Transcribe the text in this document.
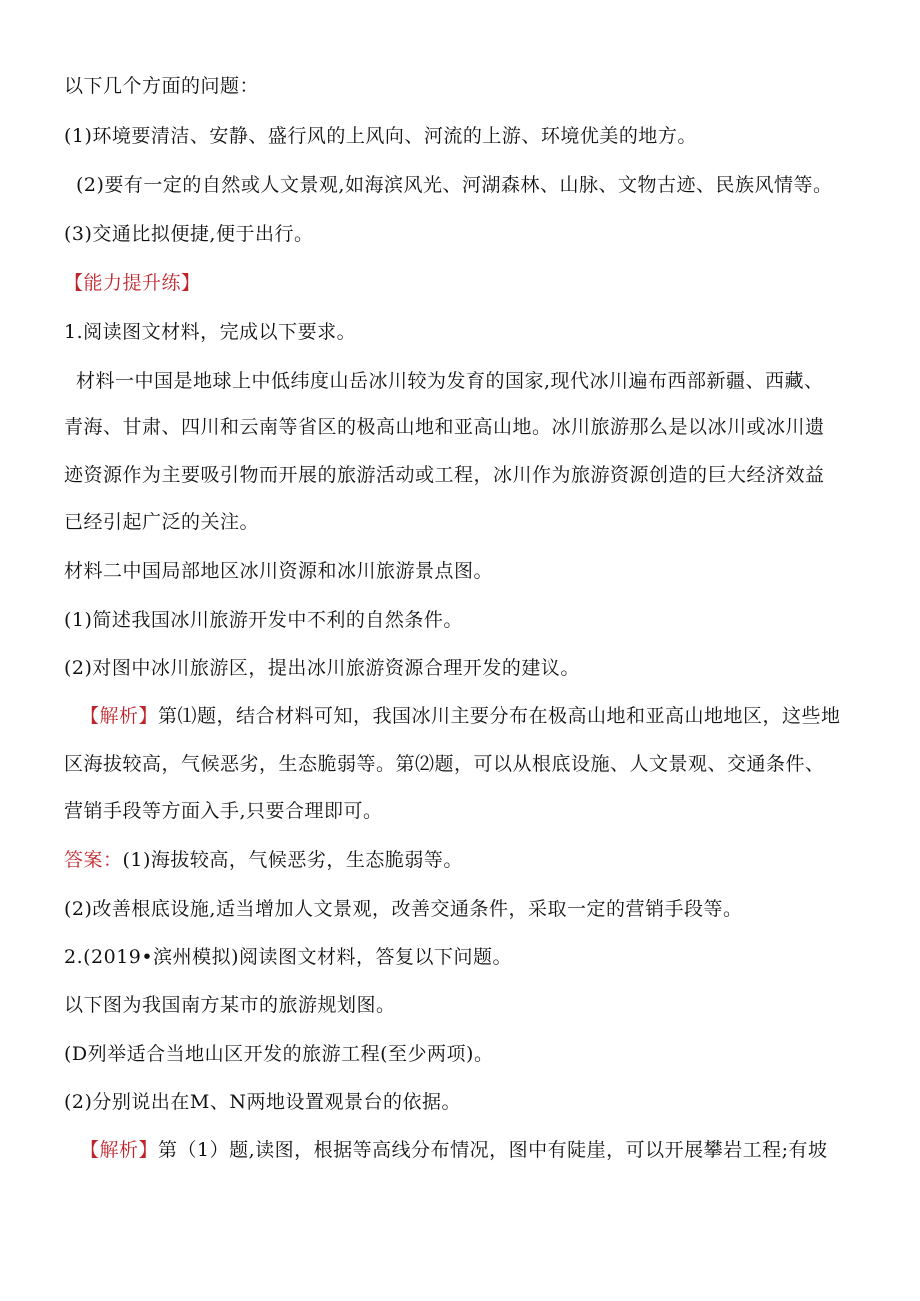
以下几个方面的问题：
(1)环境要清洁、安静、盛行风的上风向、河流的上游、环境优美的地方。
(2)要有一定的自然或人文景观,如海滨风光、河湖森林、山脉、文物古迹、民族风情等。
(3)交通比拟便捷,便于出行。
【能力提升练】
1.阅读图文材料，完成以下要求。
材料一中国是地球上中低纬度山岳冰川较为发育的国家,现代冰川遍布西部新疆、西藏、
青海、甘肃、四川和云南等省区的极高山地和亚高山地。冰川旅游那么是以冰川或冰川遗
迹资源作为主要吸引物而开展的旅游活动或工程，冰川作为旅游资源创造的巨大经济效益
已经引起广泛的关注。
材料二中国局部地区冰川资源和冰川旅游景点图。
(1)简述我国冰川旅游开发中不利的自然条件。
(2)对图中冰川旅游区，提出冰川旅游资源合理开发的建议。
【解析】第⑴题，结合材料可知，我国冰川主要分布在极高山地和亚高山地地区，这些地
区海拔较高，气候恶劣，生态脆弱等。第⑵题，可以从根底设施、人文景观、交通条件、
营销手段等方面入手,只要合理即可。
答案：(1)海拔较高，气候恶劣，生态脆弱等。
(2)改善根底设施,适当增加人文景观，改善交通条件，采取一定的营销手段等。
2.(2019•滨州模拟)阅读图文材料，答复以下问题。
以下图为我国南方某市的旅游规划图。
(D列举适合当地山区开发的旅游工程(至少两项)。
(2)分别说出在M、N两地设置观景台的依据。
【解析】第（1）题,读图，根据等高线分布情况，图中有陡崖，可以开展攀岩工程;有坡
